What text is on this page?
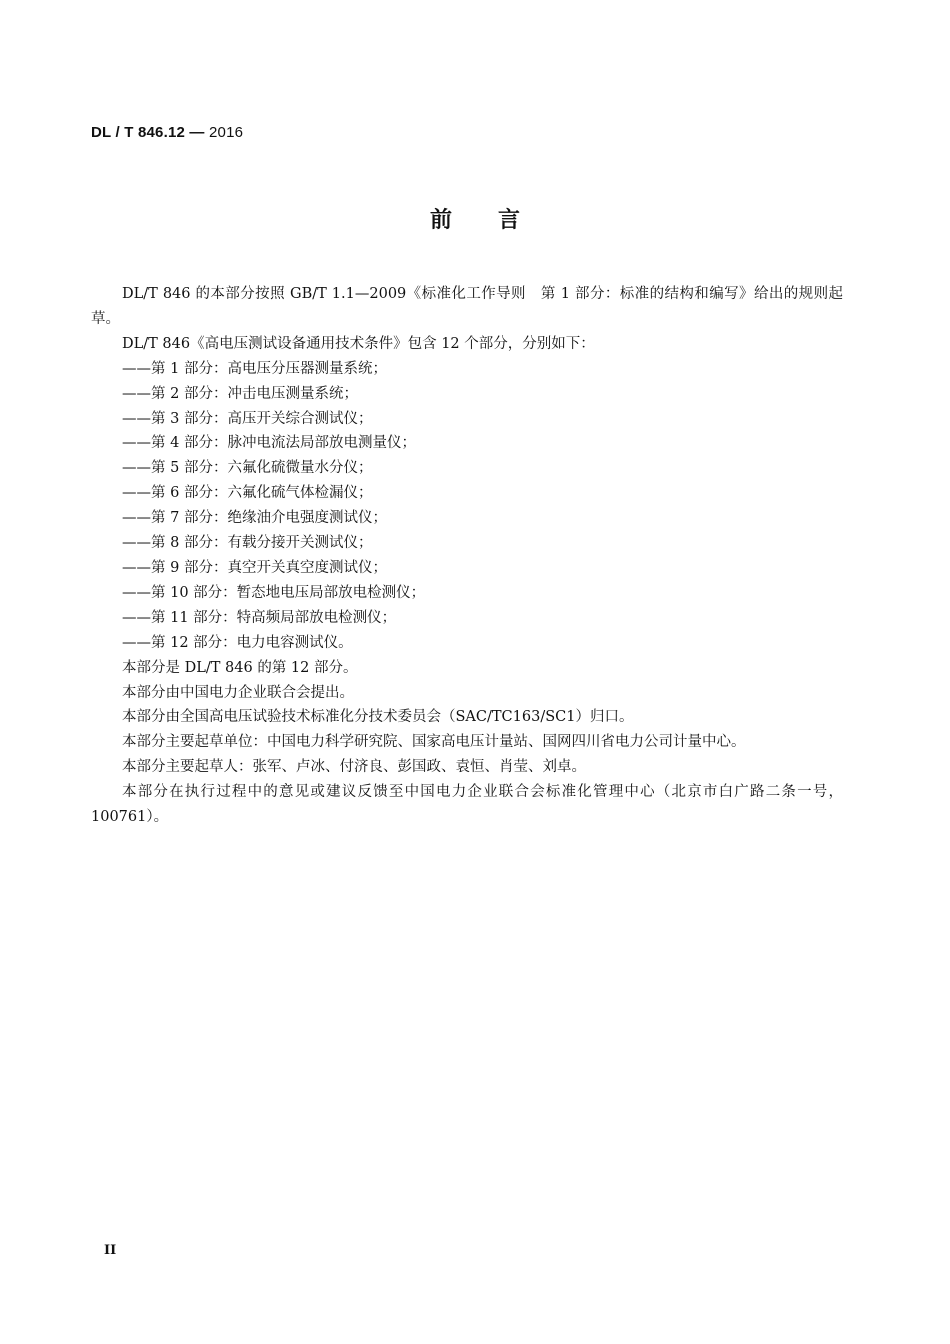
DL / T 846.12 — 2016
前言

DL/T 846 的本部分按照 GB/T 1.1—2009《标准化工作导则　第 1 部分：标准的结构和编写》给出的规则起草。

DL/T 846《高电压测试设备通用技术条件》包含 12 个部分，分别如下：

——第 1 部分：高电压分压器测量系统；

——第 2 部分：冲击电压测量系统；

——第 3 部分：高压开关综合测试仪；

——第 4 部分：脉冲电流法局部放电测量仪；

——第 5 部分：六氟化硫微量水分仪；

——第 6 部分：六氟化硫气体检漏仪；

——第 7 部分：绝缘油介电强度测试仪；

——第 8 部分：有载分接开关测试仪；

——第 9 部分：真空开关真空度测试仪；

——第 10 部分：暂态地电压局部放电检测仪；

——第 11 部分：特高频局部放电检测仪；

——第 12 部分：电力电容测试仪。

本部分是 DL/T 846 的第 12 部分。

本部分由中国电力企业联合会提出。

本部分由全国高电压试验技术标准化分技术委员会（SAC/TC163/SC1）归口。

本部分主要起草单位：中国电力科学研究院、国家高电压计量站、国网四川省电力公司计量中心。

本部分主要起草人：张军、卢冰、付济良、彭国政、袁恒、肖莹、刘卓。

本部分在执行过程中的意见或建议反馈至中国电力企业联合会标准化管理中心（北京市白广路二条一号，100761）。

II
